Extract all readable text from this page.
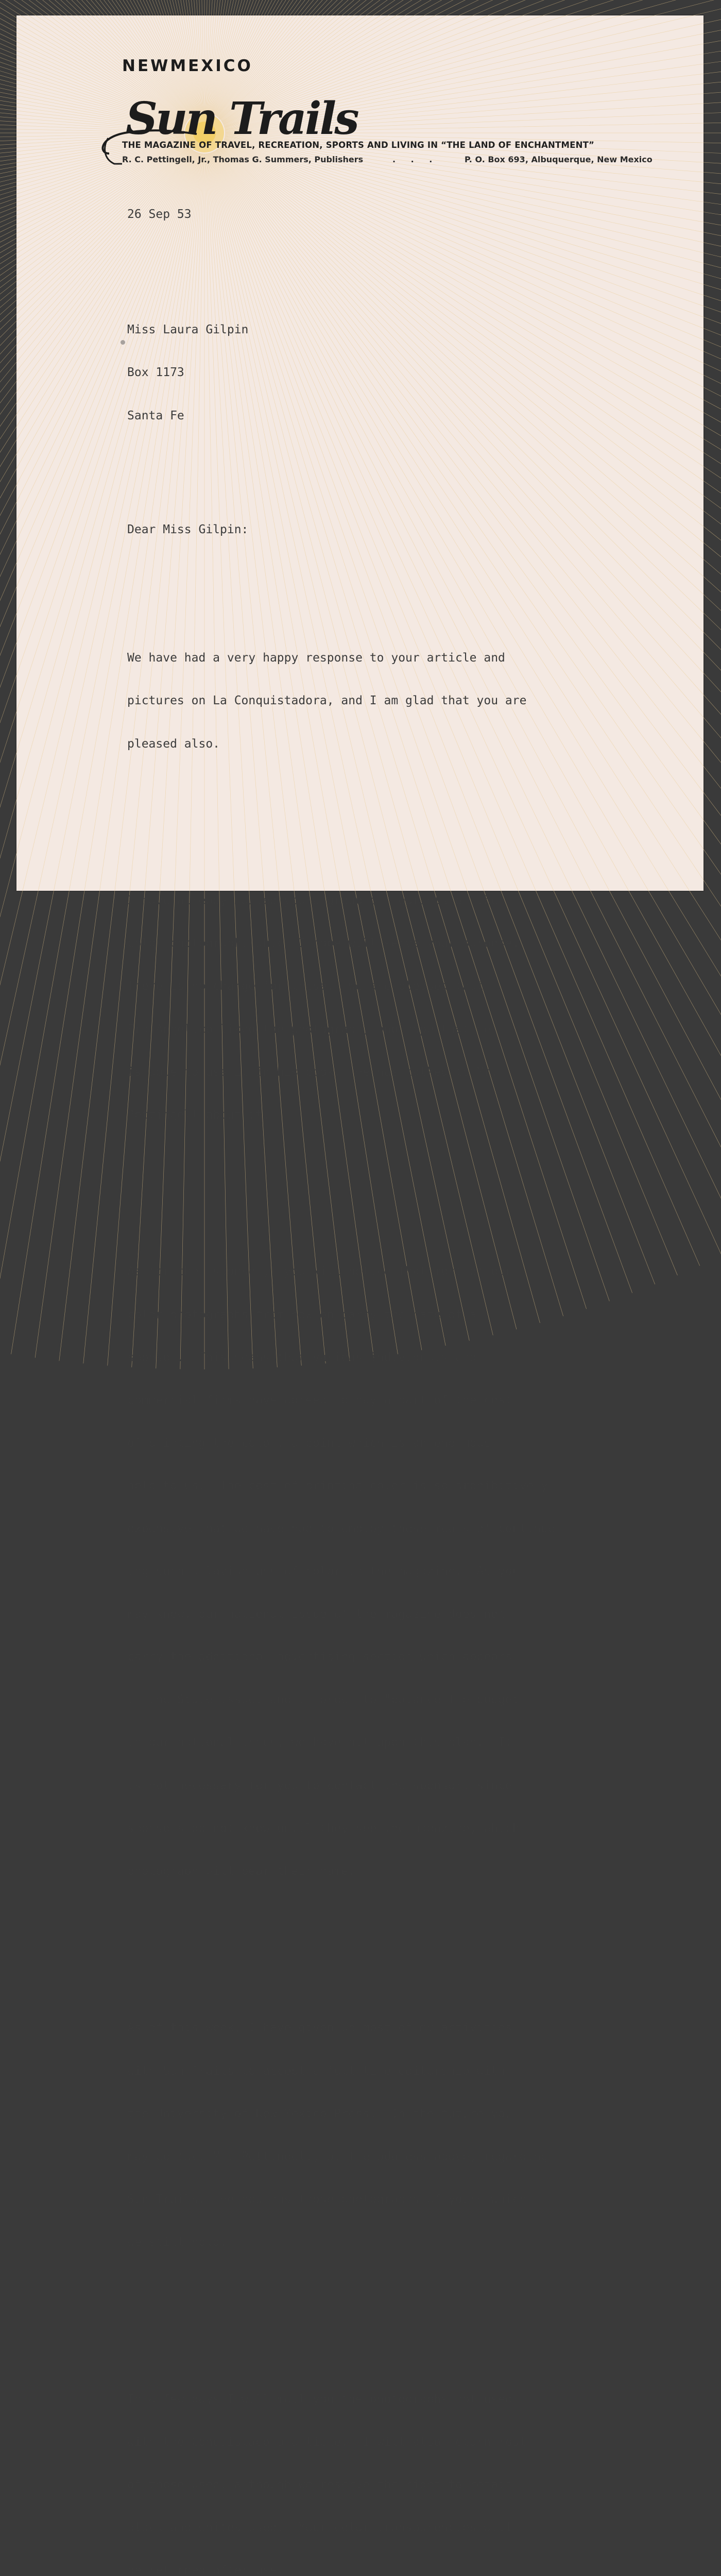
NEWMEXICO
Sun Trails
THE MAGAZINE OF TRAVEL, RECREATION, SPORTS AND LIVING IN “THE LAND OF ENCHANTMENT”
R. C. Pettingell, Jr., Thomas G. Summers, Publishers	. . .	P. O. Box 693, Albuquerque, New Mexico

26 Sep 53

Miss Laura Gilpin

Box 1173

Santa Fe

Dear Miss Gilpin:

We have had a very happy response to your article and

pictures on La Conquistadora, and I am glad that you are

pleased also.

I have already mailed you a group of reprints of the

color photograph, which I hope will serve your purpose.

There is no charge for these.  We are pleased that

Fra Angelico liked the photograph, and hope that he

is able to use it in his book.  He has talked to Mr.

Pettingell about it.

As for the "sponsor," you will notice that most of our

color photographs from now on carry the name of a

sponsor.  This means that various individuals and

commercial firms have agreed to pay a part of the cost

of printing the color, a point which is an enormous

help to us.  The cost of printing color is so prohibitively

expensive that we have had to employ these means of continue-

ing such a lavish use of color in the magazine.  As you

may know, our national issue of the magazine does not

carry the additional advertising section which appears

in the State issue, and in order to "balance the budget"

in our national issue, we have hit upon this plan.  It

is not necessary for you to contact the sponsor, since

sponsors do not know until they see the magazine, which

photograph will bear their name.

As of this week, I have given up most of my activities

with Sun Trails to accept a full-time editorship with

the University of New Mexico Press.  In the future you

may contact Mr. Pettingell, at the address above, regarding

Sun Trails.  He now has those photographs of yours which

we still hold.

In a few days I will mail you the photographs not used

with the Conquistadora article.  I will also return most

of those used, although we reserve the right to retain

black-and-whites used.  Your color transparencies will

be returned after use.
